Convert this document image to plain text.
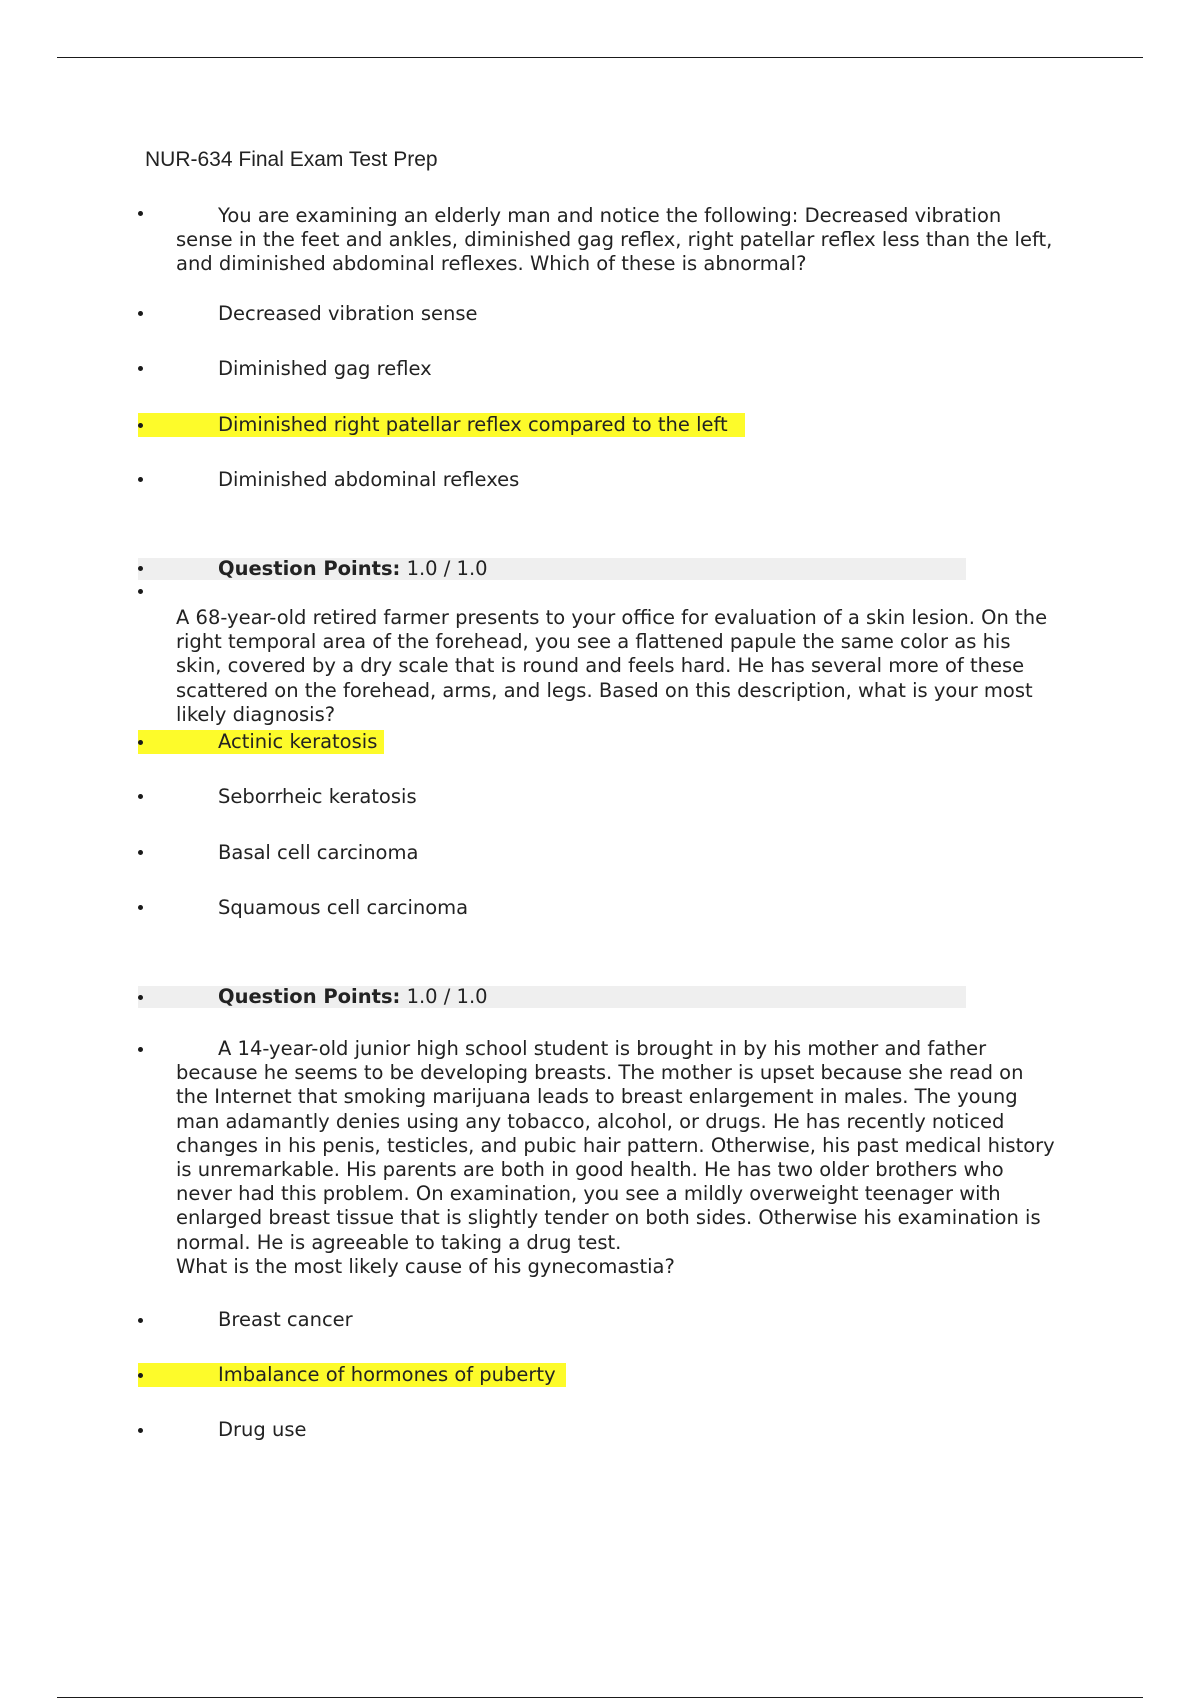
NUR-634 Final Exam Test Prep

You are examining an elderly man and notice the following: Decreased vibration sense in the feet and ankles, diminished gag reflex, right patellar reflex less than the left, and diminished abdominal reflexes. Which of these is abnormal?

Decreased vibration sense
Diminished gag reflex
Diminished right patellar reflex compared to the left
Diminished abdominal reflexes
Question Points: 1.0 / 1.0

A 68-year-old retired farmer presents to your office for evaluation of a skin lesion. On the right temporal area of the forehead, you see a flattened papule the same color as his skin, covered by a dry scale that is round and feels hard. He has several more of these scattered on the forehead, arms, and legs. Based on this description, what is your most likely diagnosis?

Actinic keratosis
Seborrheic keratosis
Basal cell carcinoma
Squamous cell carcinoma
Question Points: 1.0 / 1.0

A 14-year-old junior high school student is brought in by his mother and father because he seems to be developing breasts. The mother is upset because she read on the Internet that smoking marijuana leads to breast enlargement in males. The young man adamantly denies using any tobacco, alcohol, or drugs. He has recently noticed changes in his penis, testicles, and pubic hair pattern. Otherwise, his past medical history is unremarkable. His parents are both in good health. He has two older brothers who never had this problem. On examination, you see a mildly overweight teenager with enlarged breast tissue that is slightly tender on both sides. Otherwise his examination is normal. He is agreeable to taking a drug test.
What is the most likely cause of his gynecomastia?

Breast cancer
Imbalance of hormones of puberty
Drug use
